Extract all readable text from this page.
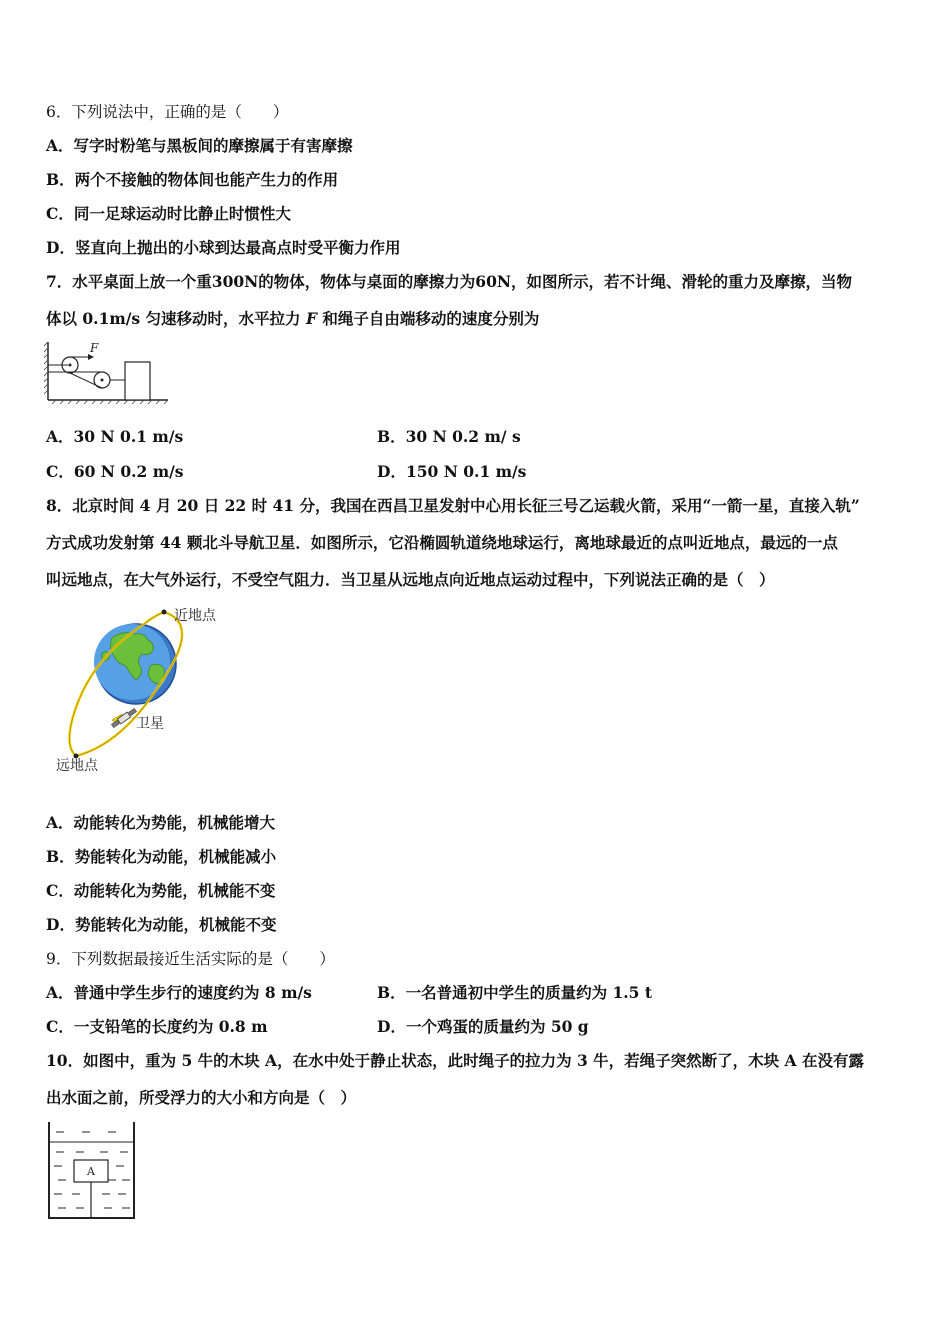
6．下列说法中，正确的是（　　）
A．写字时粉笔与黑板间的摩擦属于有害摩擦
B．两个不接触的物体间也能产生力的作用
C．同一足球运动时比静止时惯性大
D．竖直向上抛出的小球到达最高点时受平衡力作用
7．水平桌面上放一个重300N的物体，物体与桌面的摩擦力为60N，如图所示，若不计绳、滑轮的重力及摩擦，当物
体以 0.1m/s 匀速移动时，水平拉力 F 和绳子自由端移动的速度分别为
F
A．30 N 0.1 m/s	B．30 N 0.2 m/ s
C．60 N 0.2 m/s	D．150 N 0.1 m/s
8．北京时间 4 月 20 日 22 时 41 分，我国在西昌卫星发射中心用长征三号乙运载火箭，采用“一箭一星，直接入轨”
方式成功发射第 44 颗北斗导航卫星．如图所示，它沿椭圆轨道绕地球运行，离地球最近的点叫近地点，最远的一点
叫远地点，在大气外运行，不受空气阻力．当卫星从远地点向近地点运动过程中，下列说法正确的是（　）
近地点
卫星
远地点
A．动能转化为势能，机械能增大
B．势能转化为动能，机械能减小
C．动能转化为势能，机械能不变
D．势能转化为动能，机械能不变
9．下列数据最接近生活实际的是（　　）
A．普通中学生步行的速度约为 8 m/s	B．一名普通初中学生的质量约为 1.5 t
C．一支铅笔的长度约为 0.8 m	D．一个鸡蛋的质量约为 50 g
10．如图中，重为 5 牛的木块 A，在水中处于静止状态，此时绳子的拉力为 3 牛，若绳子突然断了，木块 A 在没有露
出水面之前，所受浮力的大小和方向是（　）
A
